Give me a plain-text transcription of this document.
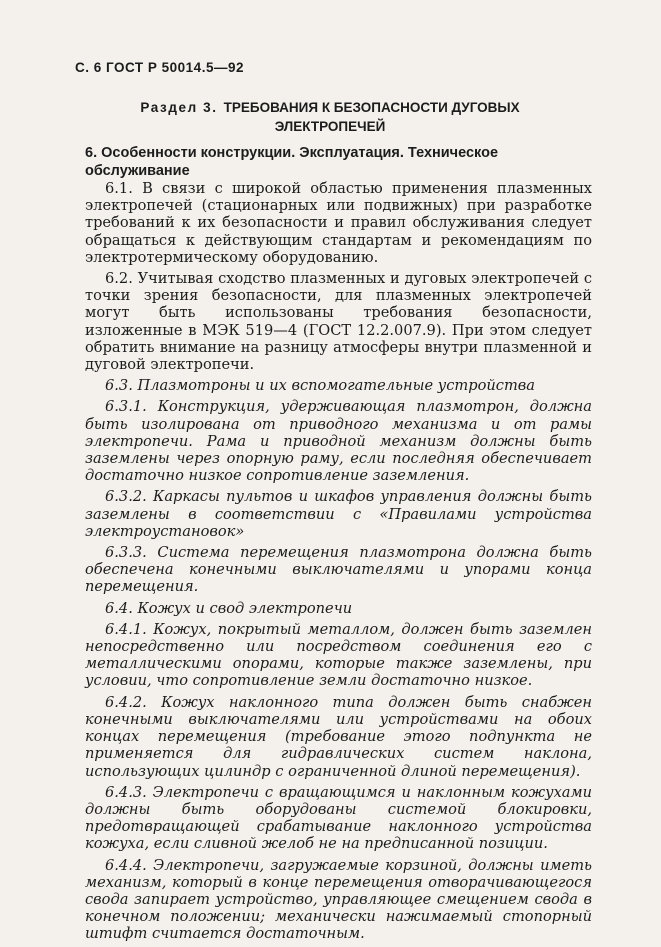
С. 6 ГОСТ Р 50014.5—92
Раздел 3. ТРЕБОВАНИЯ К БЕЗОПАСНОСТИ ДУГОВЫХ
ЭЛЕКТРОПЕЧЕЙ
6. Особенности конструкции. Эксплуатация. Техническое обслуживание

6.1. В связи с широкой областью применения плазменных электропечей (стационарных или подвижных) при разработке требований к их безопасности и правил обслуживания следует обращаться к действующим стандартам и рекомендациям по электротермическому оборудованию.

6.2. Учитывая сходство плазменных и дуговых электропечей с точки зрения безопасности, для плазменных электропечей могут быть использованы требования безопасности, изложенные в МЭК 519—4 (ГОСТ 12.2.007.9). При этом следует обратить внимание на разницу атмосферы внутри плазменной и дуговой электропечи.

6.3. Плазмотроны и их вспомогательные устройства

6.3.1. Конструкция, удерживающая плазмотрон, должна быть изолирована от приводного механизма и от рамы электропечи. Рама и приводной механизм должны быть заземлены через опорную раму, если последняя обеспечивает достаточно низкое сопротивление заземления.

6.3.2. Каркасы пультов и шкафов управления должны быть заземлены в соответствии с «Правилами устройства электроустановок»

6.3.3. Система перемещения плазмотрона должна быть обеспечена конечными выключателями и упорами конца перемещения.

6.4. Кожух и свод электропечи

6.4.1. Кожух, покрытый металлом, должен быть заземлен непосредственно или посредством соединения его с металлическими опорами, которые также заземлены, при условии, что сопротивление земли достаточно низкое.

6.4.2. Кожух наклонного типа должен быть снабжен конечными выключателями или устройствами на обоих концах перемещения (требование этого подпункта не применяется для гидравлических систем наклона, использующих цилиндр с ограниченной длиной перемещения).

6.4.3. Электропечи с вращающимся и наклонным кожухами должны быть оборудованы системой блокировки, предотвращающей срабатывание наклонного устройства кожуха, если сливной желоб не на предписанной позиции.

6.4.4. Электропечи, загружаемые корзиной, должны иметь механизм, который в конце перемещения отворачивающегося свода запирает устройство, управляющее смещением свода в конечном положении; механически нажимаемый стопорный штифт считается достаточным.
